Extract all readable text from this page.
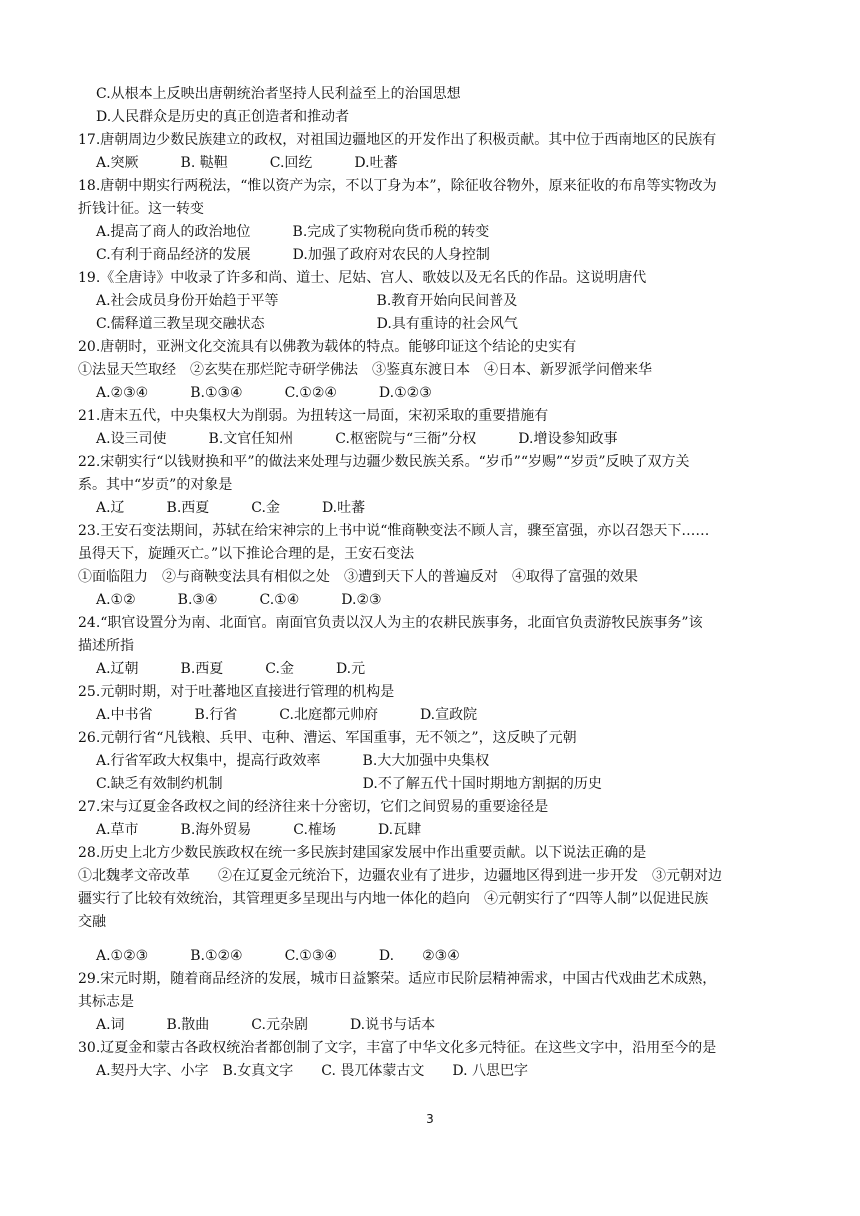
C.从根本上反映出唐朝统治者坚持人民利益至上的治国思想
D.人民群众是历史的真正创造者和推动者
17.唐朝周边少数民族建立的政权，对祖国边疆地区的开发作出了积极贡献。其中位于西南地区的民族有
A.突厥　　　B. 鞑靼　　　C.回纥　　　D.吐蕃
18.唐朝中期实行两税法，“惟以资产为宗，不以丁身为本”，除征收谷物外，原来征收的布帛等实物改为
折钱计征。这一转变
A.提高了商人的政治地位　　　B.完成了实物税向货币税的转变
C.有利于商品经济的发展　　　D.加强了政府对农民的人身控制
19.《全唐诗》中收录了许多和尚、道士、尼姑、宫人、歌妓以及无名氏的作品。这说明唐代
A.社会成员身份开始趋于平等　　　　　　　B.教育开始向民间普及
C.儒释道三教呈现交融状态　　　　　　　　D.具有重诗的社会风气
20.唐朝时，亚洲文化交流具有以佛教为载体的特点。能够印证这个结论的史实有
①法显天竺取经　②玄奘在那烂陀寺研学佛法　③鉴真东渡日本　④日本、新罗派学问僧来华
A.②③④　　　B.①③④　　　C.①②④　　　D.①②③
21.唐末五代，中央集权大为削弱。为扭转这一局面，宋初采取的重要措施有
A.设三司使　　　B.文官任知州　　　C.枢密院与“三衙”分权　　　D.增设参知政事
22.宋朝实行“以钱财换和平”的做法来处理与边疆少数民族关系。“岁币”“岁赐”“岁贡”反映了双方关
系。其中“岁贡”的对象是
A.辽　　　B.西夏　　　C.金　　　D.吐蕃
23.王安石变法期间，苏轼在给宋神宗的上书中说“惟商鞅变法不顾人言，骤至富强，亦以召怨天下……
虽得天下，旋踵灭亡。”以下推论合理的是，王安石变法
①面临阻力　②与商鞅变法具有相似之处　③遭到天下人的普遍反对　④取得了富强的效果
A.①②　　　B.③④　　　C.①④　　　D.②③
24.“职官设置分为南、北面官。南面官负责以汉人为主的农耕民族事务，北面官负责游牧民族事务”该
描述所指
A.辽朝　　　B.西夏　　　C.金　　　D.元
25.元朝时期，对于吐蕃地区直接进行管理的机构是
A.中书省　　　B.行省　　　C.北庭都元帅府　　　D.宣政院
26.元朝行省“凡钱粮、兵甲、屯种、漕运、军国重事，无不领之”，这反映了元朝
A.行省军政大权集中，提高行政效率　　　B.大大加强中央集权
C.缺乏有效制约机制　　　　　　　　　　D.不了解五代十国时期地方割据的历史
27.宋与辽夏金各政权之间的经济往来十分密切，它们之间贸易的重要途径是
A.草市　　　B.海外贸易　　　C.榷场　　　D.瓦肆
28.历史上北方少数民族政权在统一多民族封建国家发展中作出重要贡献。以下说法正确的是
①北魏孝文帝改革　　②在辽夏金元统治下，边疆农业有了进步，边疆地区得到进一步开发　③元朝对边
疆实行了比较有效统治，其管理更多呈现出与内地一体化的趋向　④元朝实行了“四等人制”以促进民族
交融
A.①②③　　　B.①②④　　　C.①③④　　　D.　　②③④
29.宋元时期，随着商品经济的发展，城市日益繁荣。适应市民阶层精神需求，中国古代戏曲艺术成熟，
其标志是
A.词　　　B.散曲　　　C.元杂剧　　　D.说书与话本
30.辽夏金和蒙古各政权统治者都创制了文字，丰富了中华文化多元特征。在这些文字中，沿用至今的是
A.契丹大字、小字　B.女真文字　　C. 畏兀体蒙古文　　D. 八思巴字
3
